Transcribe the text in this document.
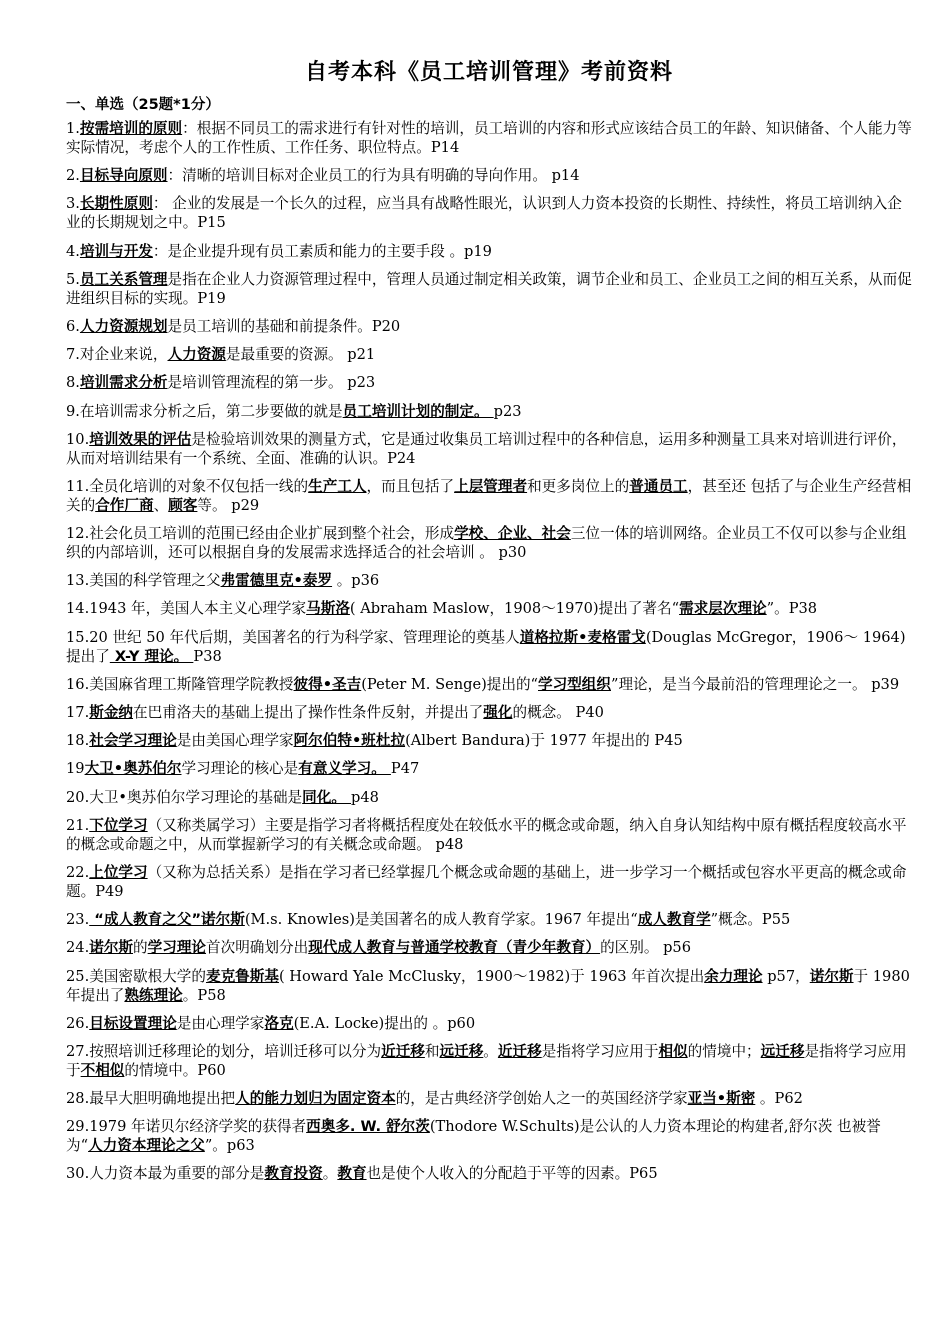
自考本科《员工培训管理》考前资料
一、单选（25题*1分）
1.按需培训的原则：根据不同员工的需求进行有针对性的培训，员工培训的内容和形式应该结合员工的年龄、知识储备、个人能力等实际情况，考虑个人的工作性质、工作任务、职位特点。P14
2.目标导向原则：清晰的培训目标对企业员工的行为具有明确的导向作用。 p14
3.长期性原则： 企业的发展是一个长久的过程，应当具有战略性眼光，认识到人力资本投资的长期性、持续性，将员工培训纳入企业的长期规划之中。P15
4.培训与开发：是企业提升现有员工素质和能力的主要手段 。p19
5.员工关系管理是指在企业人力资源管理过程中，管理人员通过制定相关政策，调节企业和员工、企业员工之间的相互关系，从而促进组织目标的实现。P19
6.人力资源规划是员工培训的基础和前提条件。P20
7.对企业来说，人力资源是最重要的资源。 p21
8.培训需求分析是培训管理流程的第一步。 p23
9.在培训需求分析之后，第二步要做的就是员工培训计划的制定。 p23
10.培训效果的评估是检验培训效果的测量方式，它是通过收集员工培训过程中的各种信息，运用多种测量工具来对培训进行评价，从而对培训结果有一个系统、全面、准确的认识。P24
11.全员化培训的对象不仅包括一线的生产工人，而且包括了上层管理者和更多岗位上的普通员工，甚至还 包括了与企业生产经营相关的合作厂商、顾客等。 p29
12.社会化员工培训的范围已经由企业扩展到整个社会，形成学校、企业、社会三位一体的培训网络。企业员工不仅可以参与企业组织的内部培训，还可以根据自身的发展需求选择适合的社会培训 。 p30
13.美国的科学管理之父弗雷德里克•泰罗 。p36
14.1943 年，美国人本主义心理学家马斯洛( Abraham Maslow，1908～1970)提出了著名“需求层次理论”。P38
15.20 世纪 50 年代后期，美国著名的行为科学家、管理理论的奠基人道格拉斯•麦格雷戈(Douglas McGregor，1906～ 1964)提出了 X-Y 理论。 P38
16.美国麻省理工斯隆管理学院教授彼得•圣吉(Peter M. Senge)提出的“学习型组织”理论，是当今最前沿的管理理论之一。 p39
17.斯金纳在巴甫洛夫的基础上提出了操作性条件反射，并提出了强化的概念。 P40
18.社会学习理论是由美国心理学家阿尔伯特•班杜拉(Albert Bandura)于 1977 年提出的 P45
19大卫•奥苏伯尔学习理论的核心是有意义学习。 P47
20.大卫•奥苏伯尔学习理论的基础是同化。 p48
21.下位学习（又称类属学习）主要是指学习者将概括程度处在较低水平的概念或命题，纳入自身认知结构中原有概括程度较高水平的概念或命题之中，从而掌握新学习的有关概念或命题。 p48
22.上位学习（又称为总括关系）是指在学习者已经掌握几个概念或命题的基础上，进一步学习一个概括或包容水平更高的概念或命题。P49
23. “成人教育之父”诺尔斯(M.s. Knowles)是美国著名的成人教育学家。1967 年提出“成人教育学”概念。P55
24.诺尔斯的学习理论首次明确划分出现代成人教育与普通学校教育（青少年教育）的区别。 p56
25.美国密歇根大学的麦克鲁斯基( Howard Yale McClusky，1900～1982)于 1963 年首次提出余力理论 p57，诺尔斯于 1980 年提出了熟练理论。P58
26.目标设置理论是由心理学家洛克(E.A. Locke)提出的 。p60
27.按照培训迁移理论的划分，培训迁移可以分为近迁移和远迁移。近迁移是指将学习应用于相似的情境中；远迁移是指将学习应用于不相似的情境中。P60
28.最早大胆明确地提出把人的能力划归为固定资本的，是古典经济学创始人之一的英国经济学家亚当•斯密 。P62
29.1979 年诺贝尔经济学奖的获得者西奥多. W. 舒尔茨(Thodore W.Schults)是公认的人力资本理论的构建者,舒尔茨 也被誉为“人力资本理论之父”。p63
30.人力资本最为重要的部分是教育投资。教育也是使个人收入的分配趋于平等的因素。P65
